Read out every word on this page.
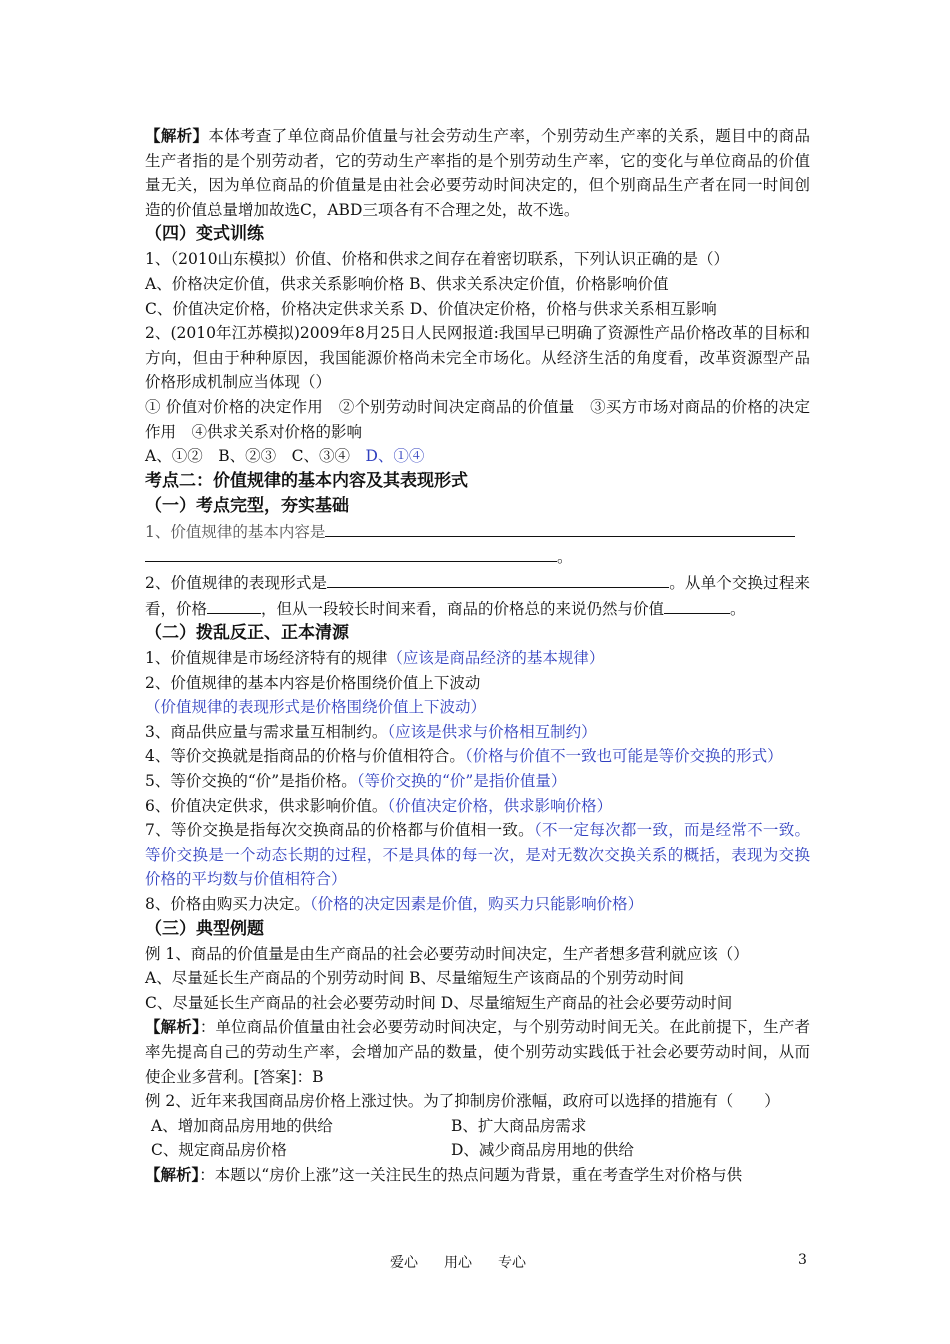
【解析】本体考查了单位商品价值量与社会劳动生产率，个别劳动生产率的关系，题目中的商品生产者指的是个别劳动者，它的劳动生产率指的是个别劳动生产率，它的变化与单位商品的价值量无关，因为单位商品的价值量是由社会必要劳动时间决定的，但个别商品生产者在同一时间创造的价值总量增加故选C，ABD三项各有不合理之处，故不选。

（四）变式训练

1、（2010山东模拟）价值、价格和供求之间存在着密切联系，下列认识正确的是（）

A、价格决定价值，供求关系影响价格 B、供求关系决定价值，价格影响价值

C、价值决定价格，价格决定供求关系 D、价值决定价格，价格与供求关系相互影响

2、(2010年江苏模拟)2009年8月25日人民网报道:我国早已明确了资源性产品价格改革的目标和方向，但由于种种原因，我国能源价格尚未完全市场化。从经济生活的角度看，改革资源型产品价格形成机制应当体现（）

① 价值对价格的决定作用　②个别劳动时间决定商品的价值量　③买方市场对商品的价格的决定作用　④供求关系对价格的影响

A、①②　B、②③　C、③④　D、①④

考点二：价值规律的基本内容及其表现形式

（一）考点完型，夯实基础

1、价值规律的基本内容是
。

2、价值规律的表现形式是	。从单个交换过程来看，价格	，但从一段较长时间来看，商品的价格总的来说仍然与价值	。

（二）拨乱反正、正本清源

1、价值规律是市场经济特有的规律（应该是商品经济的基本规律）

2、价值规律的基本内容是价格围绕价值上下波动

（价值规律的表现形式是价格围绕价值上下波动）

3、商品供应量与需求量互相制约。（应该是供求与价格相互制约）

4、等价交换就是指商品的价格与价值相符合。（价格与价值不一致也可能是等价交换的形式）

5、等价交换的“价”是指价格。（等价交换的“价”是指价值量）

6、价值决定供求，供求影响价值。（价值决定价格，供求影响价格）

7、等价交换是指每次交换商品的价格都与价值相一致。（不一定每次都一致，而是经常不一致。等价交换是一个动态长期的过程，不是具体的每一次，是对无数次交换关系的概括，表现为交换价格的平均数与价值相符合）

8、价格由购买力决定。（价格的决定因素是价值，购买力只能影响价格）

（三）典型例题

例 1、商品的价值量是由生产商品的社会必要劳动时间决定，生产者想多营利就应该（）

A、尽量延长生产商品的个别劳动时间 B、尽量缩短生产该商品的个别劳动时间

C、尽量延长生产商品的社会必要劳动时间 D、尽量缩短生产商品的社会必要劳动时间

【解析】：单位商品价值量由社会必要劳动时间决定，与个别劳动时间无关。在此前提下，生产者率先提高自己的劳动生产率，会增加产品的数量，使个别劳动实践低于社会必要劳动时间，从而使企业多营利。[答案]：B

例 2、近年来我国商品房价格上涨过快。为了抑制房价涨幅，政府可以选择的措施有（　　）

A、增加商品房用地的供给	B、扩大商品房需求

C、规定商品房价格	D、减少商品房用地的供给

【解析】：本题以“房价上涨”这一关注民生的热点问题为背景，重在考查学生对价格与供

爱心 用心 专心	3
